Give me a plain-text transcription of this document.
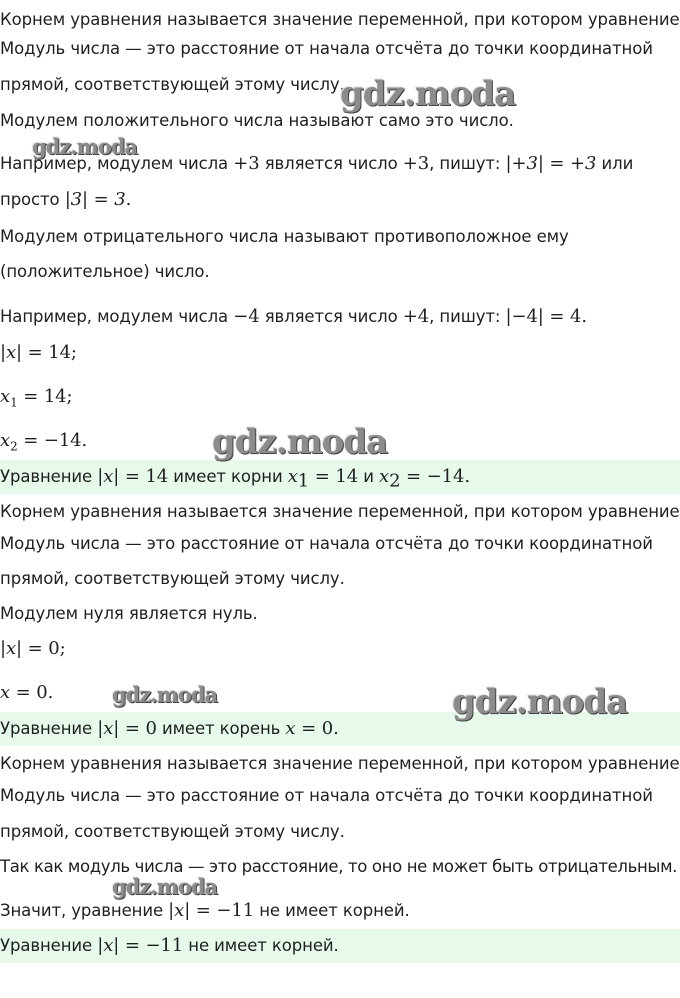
Корнем уравнения называется значение переменной, при котором уравнение
Модуль числа — это расстояние от начала отсчёта до точки координатной
прямой, соответствующей этому числу.
Модулем положительного числа называют само это число.
Например, модулем числа +3 является число +3, пишут: |+3| = +3 или
просто |3| = 3.
Модулем отрицательного числа называют противоположное ему
(положительное) число.
Например, модулем числа −4 является число +4, пишут: |−4| = 4.
|x| = 14;
$x_1 = 14$;
$x_2 = -14$.
Уравнение |x| = 14 имеет корни $x_1 = 14$ и $x_2 = -14$.
Корнем уравнения называется значение переменной, при котором уравнение
Модуль числа — это расстояние от начала отсчёта до точки координатной
прямой, соответствующей этому числу.
Модулем нуля является нуль.
|x| = 0;
x = 0.
Уравнение |x| = 0 имеет корень x = 0.
Корнем уравнения называется значение переменной, при котором уравнение
Модуль числа — это расстояние от начала отсчёта до точки координатной
прямой, соответствующей этому числу.
Так как модуль числа — это расстояние, то оно не может быть отрицательным.
Значит, уравнение |x| = −11 не имеет корней.
Уравнение |x| = −11 не имеет корней.
gdz.moda
gdz.moda
gdz.moda
gdz.moda	gdz.moda
gdz.moda
